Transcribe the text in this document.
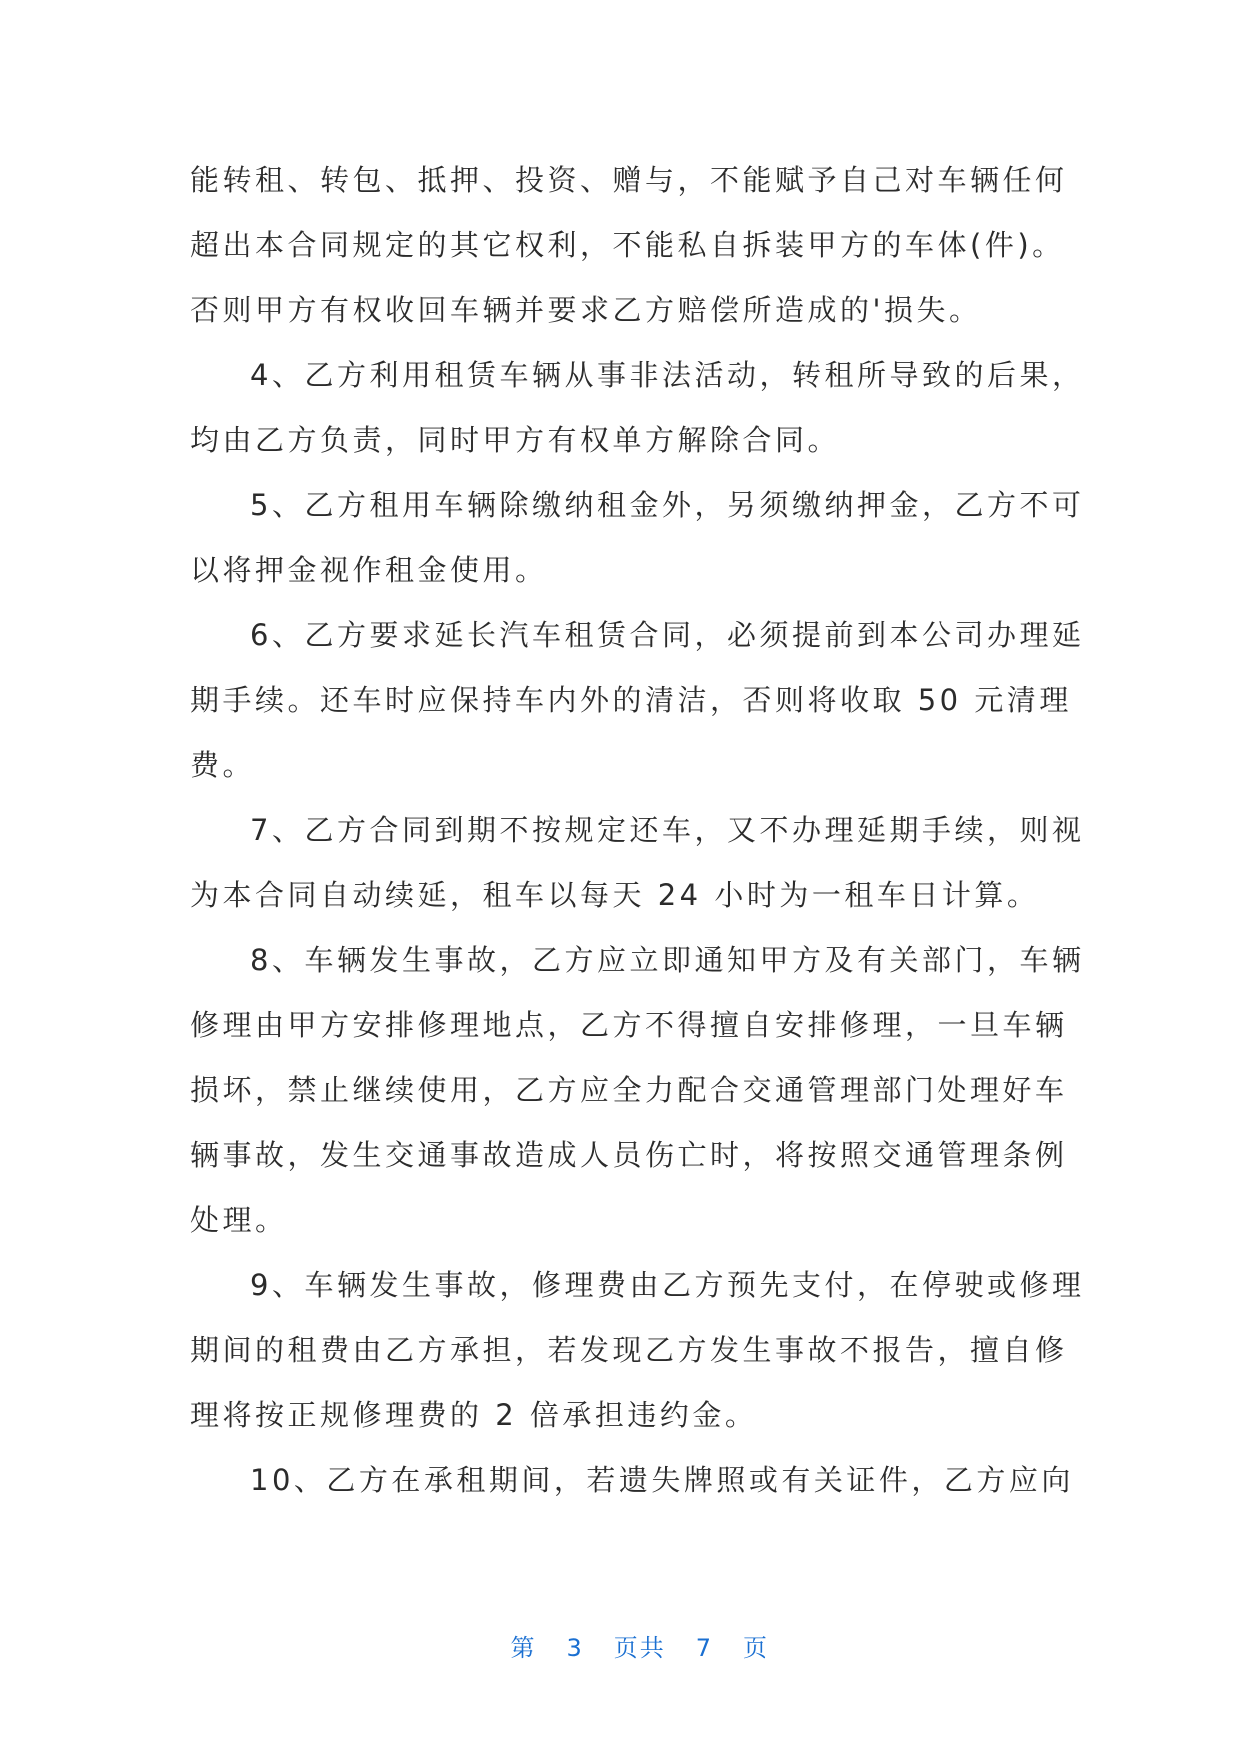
能转租、转包、抵押、投资、赠与，不能赋予自己对车辆任何
超出本合同规定的其它权利，不能私自拆装甲方的车体(件)。
否则甲方有权收回车辆并要求乙方赔偿所造成的'损失。
4、乙方利用租赁车辆从事非法活动，转租所导致的后果，
均由乙方负责，同时甲方有权单方解除合同。
5、乙方租用车辆除缴纳租金外，另须缴纳押金，乙方不可
以将押金视作租金使用。
6、乙方要求延长汽车租赁合同，必须提前到本公司办理延
期手续。还车时应保持车内外的清洁，否则将收取 50 元清理
费。
7、乙方合同到期不按规定还车，又不办理延期手续，则视
为本合同自动续延，租车以每天 24 小时为一租车日计算。
8、车辆发生事故，乙方应立即通知甲方及有关部门，车辆
修理由甲方安排修理地点，乙方不得擅自安排修理，一旦车辆
损坏，禁止继续使用，乙方应全力配合交通管理部门处理好车
辆事故，发生交通事故造成人员伤亡时，将按照交通管理条例
处理。
9、车辆发生事故，修理费由乙方预先支付，在停驶或修理
期间的租费由乙方承担，若发现乙方发生事故不报告，擅自修
理将按正规修理费的 2 倍承担违约金。
10、乙方在承租期间，若遗失牌照或有关证件，乙方应向

第 3 页共 7 页
